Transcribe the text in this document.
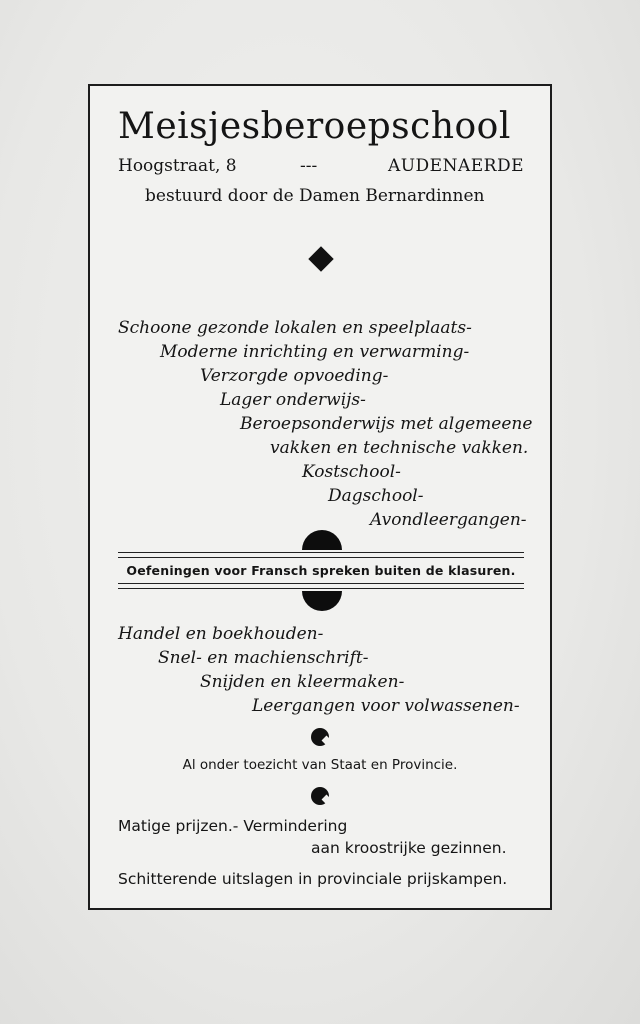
Meisjesberoepschool
Hoogstraat, 8	---	AUDENAERDE
bestuurd door de Damen Bernardinnen
Schoone gezonde lokalen en speelplaats-
Moderne inrichting en verwarming-
Verzorgde opvoeding-
Lager onderwijs-
Beroepsonderwijs met algemeene
vakken en technische vakken.
Kostschool-
Dagschool-
Avondleergangen-
Oefeningen voor Fransch spreken buiten de klasuren.
Handel en boekhouden-
Snel- en machienschrift-
Snijden en kleermaken-
Leergangen voor volwassenen-
Al onder toezicht van Staat en Provincie.
Matige prijzen.- Vermindering
aan kroostrijke gezinnen.
Schitterende uitslagen in provinciale prijskampen.
